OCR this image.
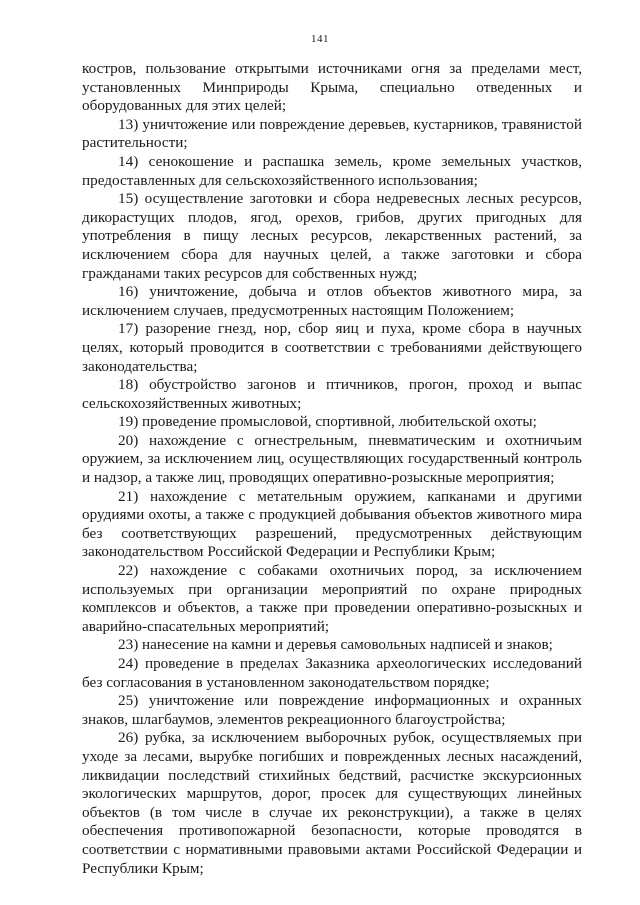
141

костров, пользование открытыми источниками огня за пределами мест, установленных Минприроды Крыма, специально отведенных и оборудованных для этих целей;

13) уничтожение или повреждение деревьев, кустарников, травянистой растительности;

14) сенокошение и распашка земель, кроме земельных участков, предоставленных для сельскохозяйственного использования;

15) осуществление заготовки и сбора недревесных лесных ресурсов, дикорастущих плодов, ягод, орехов, грибов, других пригодных для употребления в пищу лесных ресурсов, лекарственных растений, за исключением сбора для научных целей, а также заготовки и сбора гражданами таких ресурсов для собственных нужд;

16) уничтожение, добыча и отлов объектов животного мира, за исключением случаев, предусмотренных настоящим Положением;

17) разорение гнезд, нор, сбор яиц и пуха, кроме сбора в научных целях, который проводится в соответствии с требованиями действующего законодательства;

18) обустройство загонов и птичников, прогон, проход и выпас сельскохозяйственных животных;

19) проведение промысловой, спортивной, любительской охоты;

20) нахождение с огнестрельным, пневматическим и охотничьим оружием, за исключением лиц, осуществляющих государственный контроль и надзор, а также лиц, проводящих оперативно-розыскные мероприятия;

21) нахождение с метательным оружием, капканами и другими орудиями охоты, а также с продукцией добывания объектов животного мира без соответствующих разрешений, предусмотренных действующим законодательством Российской Федерации и Республики Крым;

22) нахождение с собаками охотничьих пород, за исключением используемых при организации мероприятий по охране природных комплексов и объектов, а также при проведении оперативно-розыскных и аварийно-спасательных мероприятий;

23) нанесение на камни и деревья самовольных надписей и знаков;

24) проведение в пределах Заказника археологических исследований без согласования в установленном законодательством порядке;

25) уничтожение или повреждение информационных и охранных знаков, шлагбаумов, элементов рекреационного благоустройства;

26) рубка, за исключением выборочных рубок, осуществляемых при уходе за лесами, вырубке погибших и поврежденных лесных насаждений, ликвидации последствий стихийных бедствий, расчистке экскурсионных экологических маршрутов, дорог, просек для существующих линейных объектов (в том числе в случае их реконструкции), а также в целях обеспечения противопожарной безопасности, которые проводятся в соответствии с нормативными правовыми актами Российской Федерации и Республики Крым;
